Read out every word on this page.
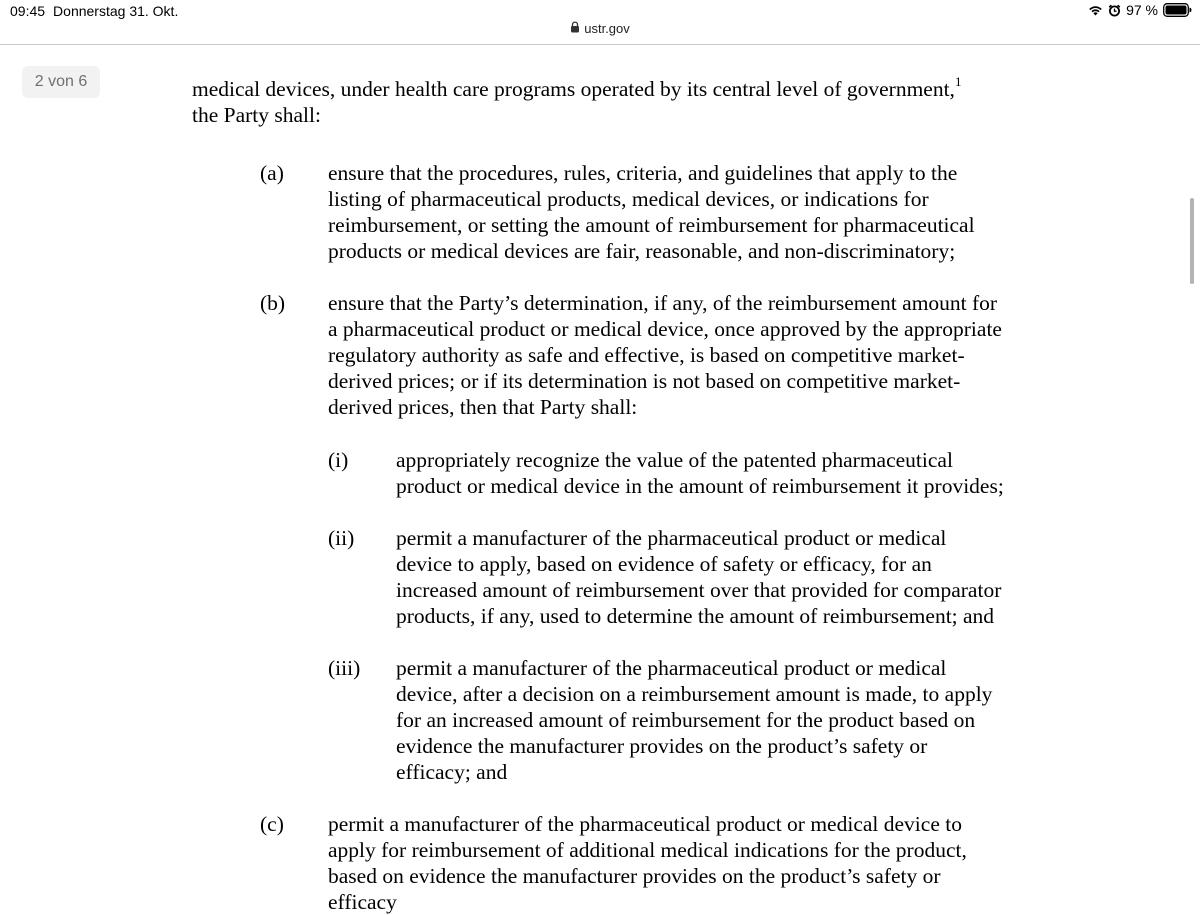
09:45 Donnerstag 31. Okt.	97 %
ustr.gov
medical devices, under health care programs operated by its central level of government,$^1$
the Party shall:
(a) ensure that the procedures, rules, criteria, and guidelines that apply to the
listing of pharmaceutical products, medical devices, or indications for
reimbursement, or setting the amount of reimbursement for pharmaceutical
products or medical devices are fair, reasonable, and non-discriminatory;
(b) ensure that the Party’s determination, if any, of the reimbursement amount for
a pharmaceutical product or medical device, once approved by the appropriate
regulatory authority as safe and effective, is based on competitive market-
derived prices; or if its determination is not based on competitive market-
derived prices, then that Party shall:
(i) appropriately recognize the value of the patented pharmaceutical
product or medical device in the amount of reimbursement it provides;
(ii) permit a manufacturer of the pharmaceutical product or medical
device to apply, based on evidence of safety or efficacy, for an
increased amount of reimbursement over that provided for comparator
products, if any, used to determine the amount of reimbursement; and
(iii) permit a manufacturer of the pharmaceutical product or medical
device, after a decision on a reimbursement amount is made, to apply
for an increased amount of reimbursement for the product based on
evidence the manufacturer provides on the product’s safety or
efficacy; and
(c) permit a manufacturer of the pharmaceutical product or medical device to
apply for reimbursement of additional medical indications for the product,
based on evidence the manufacturer provides on the product’s safety or
efficacy
2 von 6
